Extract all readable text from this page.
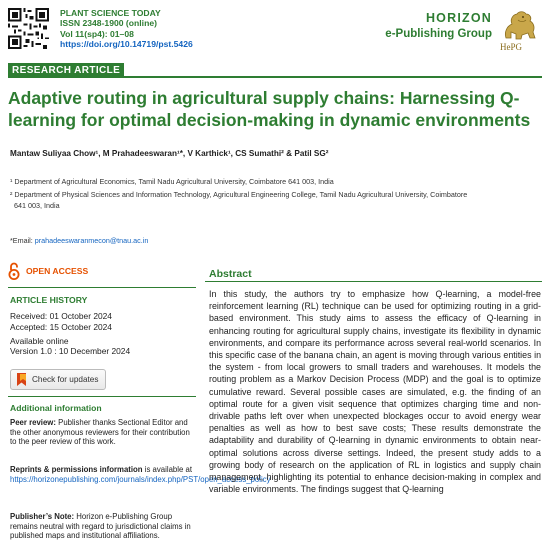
PLANT SCIENCE TODAY
ISSN 2348-1900 (online)
Vol 11(sp4): 01–08
https://doi.org/10.14719/pst.5426
HORIZON
e-Publishing Group
HePG
RESEARCH ARTICLE
Adaptive routing in agricultural supply chains: Harnessing Q-learning for optimal decision-making in dynamic environments
Mantaw Suliyaa Chow¹, M Prahadeeswaran¹*, V Karthick¹, CS Sumathi² & Patil SG²
¹ Department of Agricultural Economics, Tamil Nadu Agricultural University, Coimbatore 641 003, India
² Department of Physical Sciences and Information Technology, Agricultural Engineering College, Tamil Nadu Agricultural University, Coimbatore
641 003, India
*Email: prahadeeswaranmecon@tnau.ac.in
OPEN ACCESS
ARTICLE HISTORY
Received: 01 October 2024
Accepted: 15 October 2024
Available online
Version 1.0 : 10 December 2024
Check for updates
Additional information
Peer review: Publisher thanks Sectional Editor and the other anonymous reviewers for their contribution to the peer review of this work.
Reprints & permissions information is available at https://horizonepublishing.com/journals/index.php/PST/open_access_policy
Publisher’s Note: Horizon e-Publishing Group remains neutral with regard to jurisdictional claims in published maps and institutional affiliations.
Abstract

In this study, the authors try to emphasize how Q-learning, a model-free reinforcement learning (RL) technique can be used for optimizing routing in a grid-based environment. This study aims to assess the efficacy of Q-learning in enhancing routing for agricultural supply chains, investigate its flexibility in dynamic environments, and compare its performance across several real-world scenarios. In this specific case of the banana chain, an agent is moving through various entities in the system - from local growers to small traders and warehouses. It models the routing problem as a Markov Decision Process (MDP) and the goal is to optimize cumulative reward. Several possible cases are simulated, e.g. the finding of an optimal route for a given visit sequence that optimizes charging time and non-drivable paths left over when unexpected blockages occur to avoid energy wear penalties as well as how to best save costs; These results demonstrate the adaptability and durability of Q-learning in dynamic environments to obtain near-optimal solutions across diverse settings. Indeed, the present study adds to a growing body of research on the application of RL in logistics and supply chain management, highlighting its potential to enhance decision-making in complex and variable environments. The findings suggest that Q-learning
